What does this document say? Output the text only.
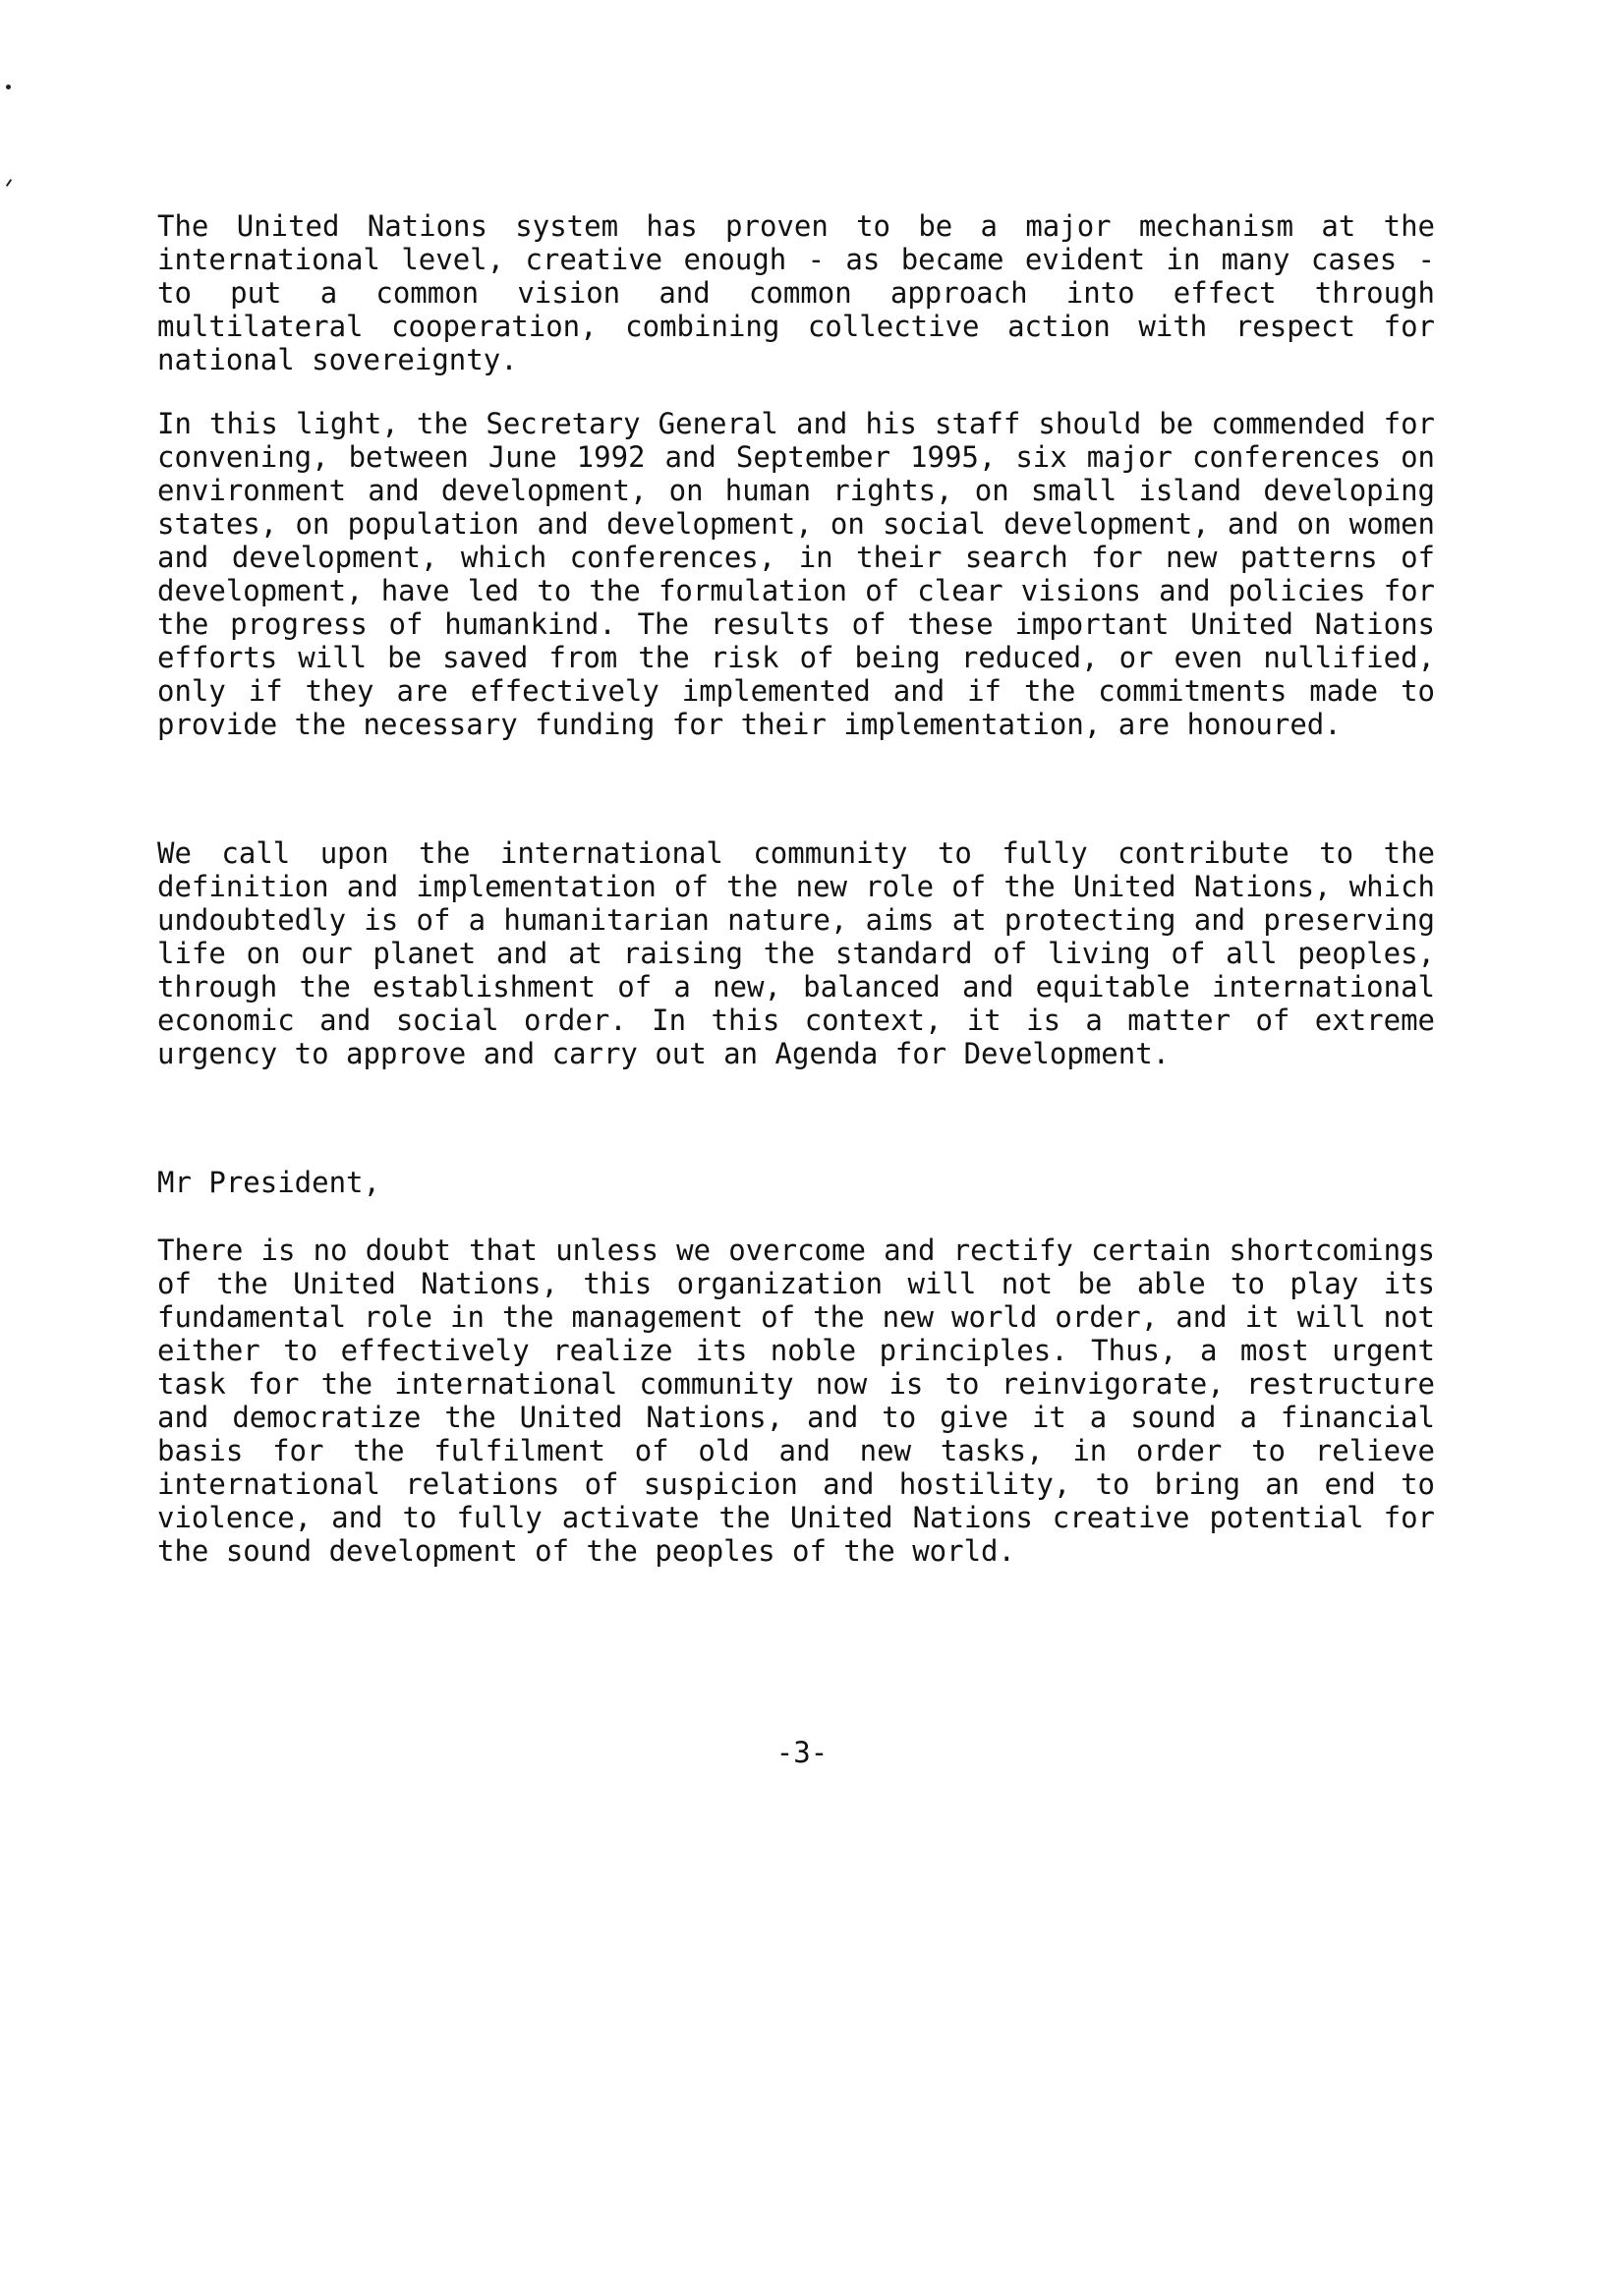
The United Nations system has proven to be a major mechanism at the international level, creative enough - as became evident in many cases - to put a common vision and common approach into effect through multilateral cooperation, combining collective action with respect for national sovereignty.

In this light, the Secretary General and his staff should be commended for convening, between June 1992 and September 1995, six major conferences on environment and development, on human rights, on small island developing states, on population and development, on social development, and on women and development, which conferences, in their search for new patterns of development, have led to the formulation of clear visions and policies for the progress of humankind. The results of these important United Nations efforts will be saved from the risk of being reduced, or even nullified, only if they are effectively implemented and if the commitments made to provide the necessary funding for their implementation, are honoured.

We call upon the international community to fully contribute to the definition and implementation of the new role of the United Nations, which undoubtedly is of a humanitarian nature, aims at protecting and preserving life on our planet and at raising the standard of living of all peoples, through the establishment of a new, balanced and equitable international economic and social order. In this context, it is a matter of extreme urgency to approve and carry out an Agenda for Development.

Mr President,

There is no doubt that unless we overcome and rectify certain shortcomings of the United Nations, this organization will not be able to play its fundamental role in the management of the new world order, and it will not either to effectively realize its noble principles. Thus, a most urgent task for the international community now is to reinvigorate, restructure and democratize the United Nations, and to give it a sound a financial basis for the fulfilment of old and new tasks, in order to relieve international relations of suspicion and hostility, to bring an end to violence, and to fully activate the United Nations creative potential for the sound development of the peoples of the world.

-3-
